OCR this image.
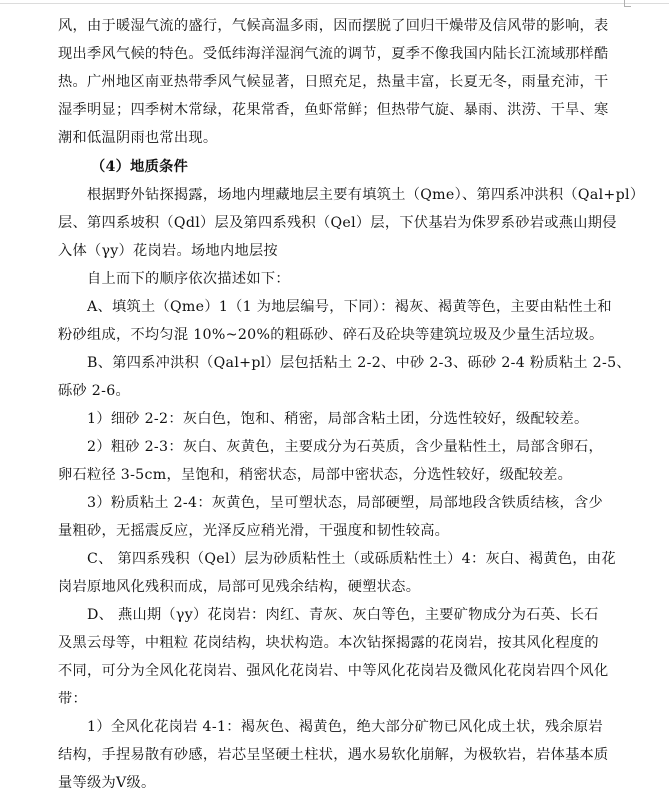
风，由于暖湿气流的盛行，气候高温多雨，因而摆脱了回归干燥带及信风带的影响，表
现出季风气候的特色。受低纬海洋湿润气流的调节，夏季不像我国内陆长江流域那样酷
热。广州地区南亚热带季风气候显著，日照充足，热量丰富，长夏无冬，雨量充沛，干
湿季明显；四季树木常绿，花果常香，鱼虾常鲜；但热带气旋、暴雨、洪涝、干旱、寒
潮和低温阴雨也常出现。
（4）地质条件
根据野外钻探揭露，场地内埋藏地层主要有填筑土（Qme）、第四系冲洪积（Qal+pl）
层、第四系坡积（Qdl）层及第四系残积（Qel）层，下伏基岩为侏罗系砂岩或燕山期侵
入体（γy）花岗岩。场地内地层按
自上而下的顺序依次描述如下：
A、填筑土（Qme）1（1 为地层编号，下同）：褐灰、褐黄等色，主要由粘性土和
粉砂组成，不均匀混 10%~20%的粗砾砂、碎石及砼块等建筑垃圾及少量生活垃圾。
B、第四系冲洪积（Qal+pl）层包括粘土 2-2、中砂 2-3、砾砂 2-4 粉质粘土 2-5、
砾砂 2-6。
1）细砂 2-2：灰白色，饱和、稍密，局部含粘土团，分选性较好，级配较差。
2）粗砂 2-3：灰白、灰黄色，主要成分为石英质，含少量粘性土，局部含卵石，
卵石粒径 3-5cm，呈饱和，稍密状态，局部中密状态，分选性较好，级配较差。
3）粉质粘土 2-4：灰黄色，呈可塑状态，局部硬塑，局部地段含铁质结核，含少
量粗砂，无摇震反应，光泽反应稍光滑，干强度和韧性较高。
C、 第四系残积（Qel）层为砂质粘性土（或砾质粘性土）4：灰白、褐黄色，由花
岗岩原地风化残积而成，局部可见残余结构，硬塑状态。
D、 燕山期（γy）花岗岩：肉红、青灰、灰白等色，主要矿物成分为石英、长石
及黑云母等，中粗粒 花岗结构，块状构造。本次钻探揭露的花岗岩，按其风化程度的
不同，可分为全风化花岗岩、强风化花岗岩、中等风化花岗岩及微风化花岗岩四个风化
带：
1）全风化花岗岩 4-1：褐灰色、褐黄色，绝大部分矿物已风化成土状，残余原岩
结构，手捏易散有砂感，岩芯呈坚硬土柱状，遇水易软化崩解，为极软岩，岩体基本质
量等级为Ⅴ级。
